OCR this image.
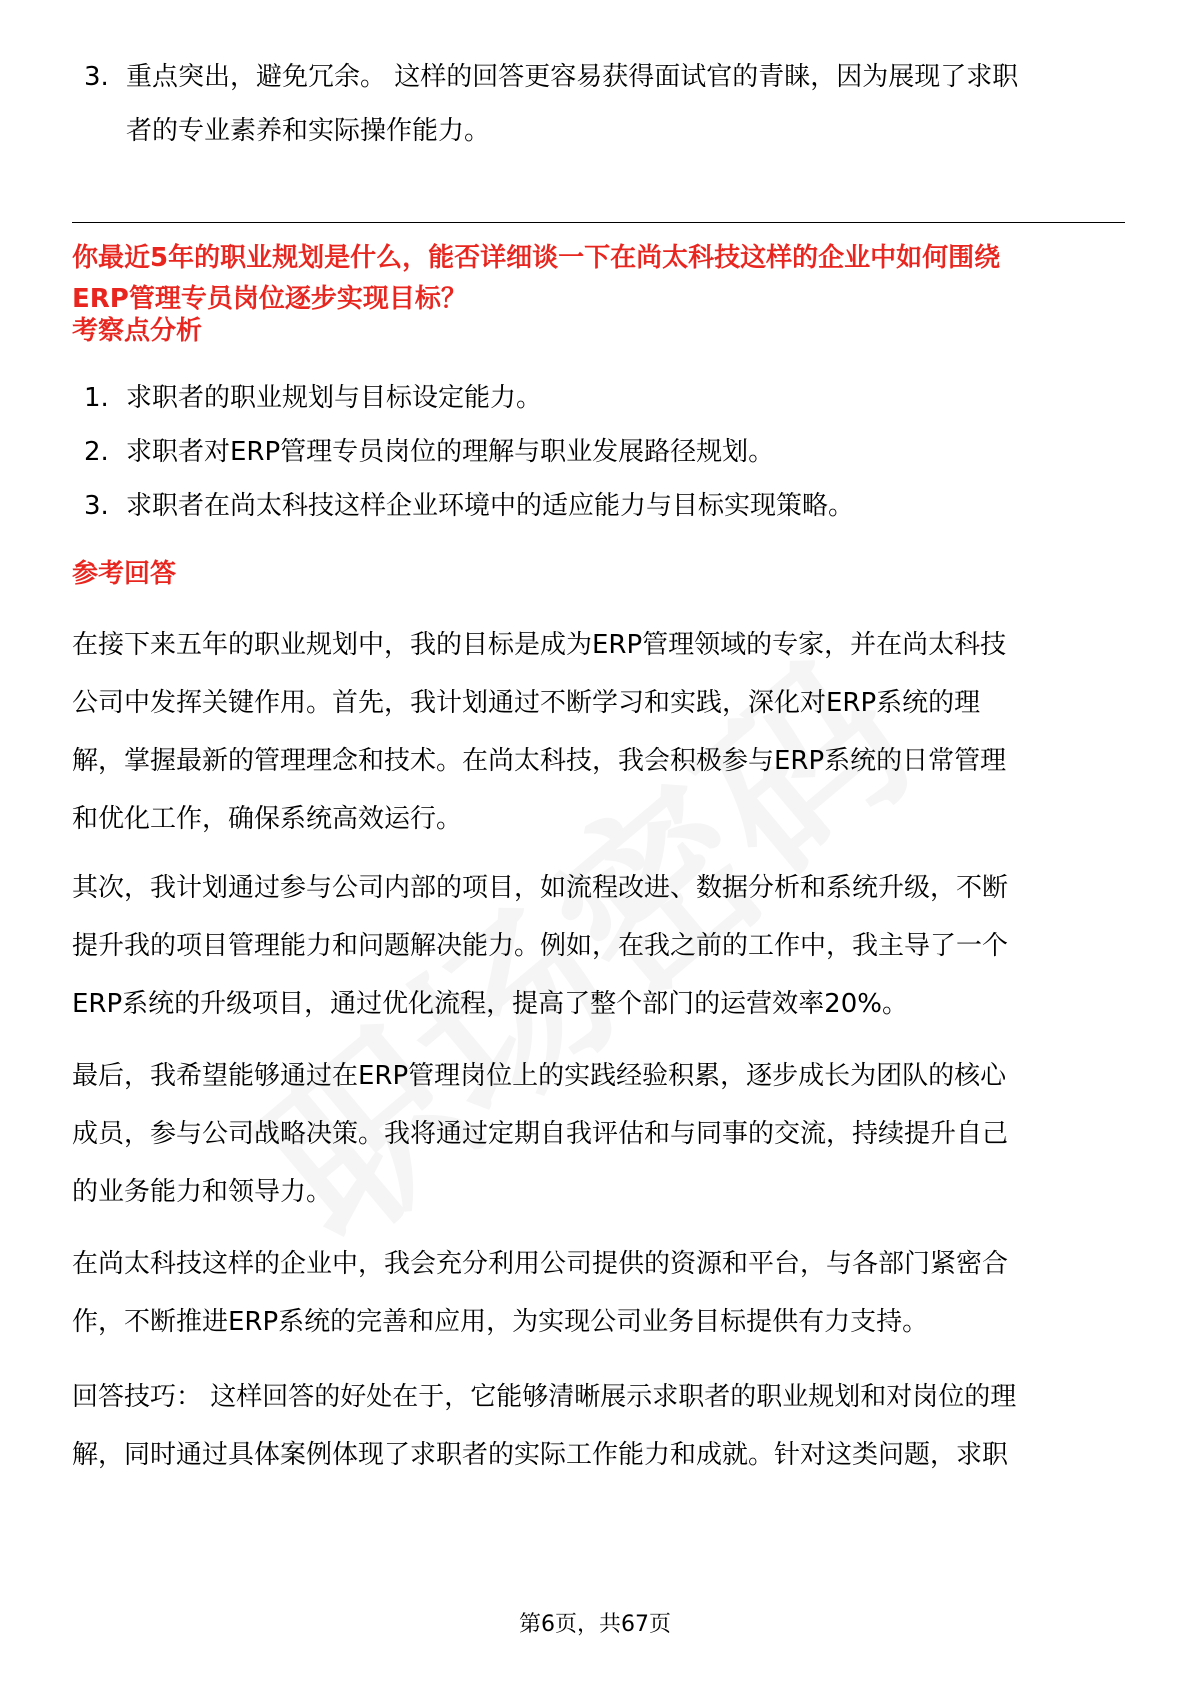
3. 重点突出，避免冗余。 这样的回答更容易获得面试官的青睐，因为展现了求职
者的专业素养和实际操作能力。
你最近5年的职业规划是什么，能否详细谈一下在尚太科技这样的企业中如何围绕
ERP管理专员岗位逐步实现目标？
考察点分析
1. 求职者的职业规划与目标设定能力。
2. 求职者对ERP管理专员岗位的理解与职业发展路径规划。
3. 求职者在尚太科技这样企业环境中的适应能力与目标实现策略。
参考回答
在接下来五年的职业规划中，我的目标是成为ERP管理领域的专家，并在尚太科技
公司中发挥关键作用。首先，我计划通过不断学习和实践，深化对ERP系统的理
解，掌握最新的管理理念和技术。在尚太科技，我会积极参与ERP系统的日常管理
和优化工作，确保系统高效运行。
其次，我计划通过参与公司内部的项目，如流程改进、数据分析和系统升级，不断
提升我的项目管理能力和问题解决能力。例如，在我之前的工作中，我主导了一个
ERP系统的升级项目，通过优化流程，提高了整个部门的运营效率20%。
最后，我希望能够通过在ERP管理岗位上的实践经验积累，逐步成长为团队的核心
成员，参与公司战略决策。我将通过定期自我评估和与同事的交流，持续提升自己
的业务能力和领导力。
在尚太科技这样的企业中，我会充分利用公司提供的资源和平台，与各部门紧密合
作，不断推进ERP系统的完善和应用，为实现公司业务目标提供有力支持。
回答技巧： 这样回答的好处在于，它能够清晰展示求职者的职业规划和对岗位的理
解，同时通过具体案例体现了求职者的实际工作能力和成就。针对这类问题，求职
第6页，共67页
